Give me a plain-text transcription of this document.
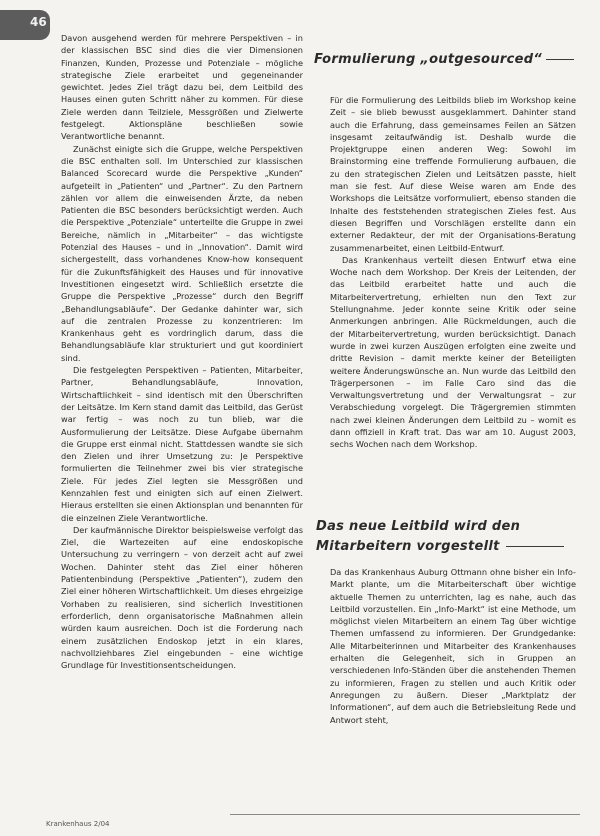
46

Davon ausgehend werden für mehrere Perspektiven – in der klassischen BSC sind dies die vier Dimensionen Finanzen, Kunden, Prozesse und Potenziale – mögliche strategische Ziele erarbeitet und gegeneinander gewichtet. Jedes Ziel trägt dazu bei, dem Leitbild des Hauses einen guten Schritt näher zu kommen. Für diese Ziele werden dann Teilziele, Messgrößen und Zielwerte festgelegt. Aktionspläne beschließen sowie Verantwortliche benannt.

Zunächst einigte sich die Gruppe, welche Perspektiven die BSC enthalten soll. Im Unterschied zur klassischen Balanced Scorecard wurde die Perspektive „Kunden“ aufgeteilt in „Patienten“ und „Partner“. Zu den Partnern zählen vor allem die einweisenden Ärzte, da neben Patienten die BSC besonders berücksichtigt werden. Auch die Perspektive „Potenziale“ unterteilte die Gruppe in zwei Bereiche, nämlich in „Mitarbeiter“ – das wichtigste Potenzial des Hauses – und in „Innovation“. Damit wird sichergestellt, dass vorhandenes Know-how konsequent für die Zukunftsfähigkeit des Hauses und für innovative Investitionen eingesetzt wird. Schließlich ersetzte die Gruppe die Perspektive „Prozesse“ durch den Begriff „Behandlungsabläufe“. Der Gedanke dahinter war, sich auf die zentralen Prozesse zu konzentrieren: Im Krankenhaus geht es vordringlich darum, dass die Behandlungsabläufe klar strukturiert und gut koordiniert sind.

Die festgelegten Perspektiven – Patienten, Mitarbeiter, Partner, Behandlungsabläufe, Innovation, Wirtschaftlichkeit – sind identisch mit den Überschriften der Leitsätze. Im Kern stand damit das Leitbild, das Gerüst war fertig – was noch zu tun blieb, war die Ausformulierung der Leitsätze. Diese Aufgabe übernahm die Gruppe erst einmal nicht. Stattdessen wandte sie sich den Zielen und ihrer Umsetzung zu: Je Perspektive formulierten die Teilnehmer zwei bis vier strategische Ziele. Für jedes Ziel legten sie Messgrößen und Kennzahlen fest und einigten sich auf einen Zielwert. Hieraus erstellten sie einen Aktionsplan und benannten für die einzelnen Ziele Verantwortliche.

Der kaufmännische Direktor beispielsweise verfolgt das Ziel, die Wartezeiten auf eine endoskopische Untersuchung zu verringern – von derzeit acht auf zwei Wochen. Dahinter steht das Ziel einer höheren Patientenbindung (Perspektive „Patienten“), zudem den Ziel einer höheren Wirtschaftlichkeit. Um dieses ehrgeizige Vorhaben zu realisieren, sind sicherlich Investitionen erforderlich, denn organisatorische Maßnahmen allein würden kaum ausreichen. Doch ist die Forderung nach einem zusätzlichen Endoskop jetzt in ein klares, nachvollziehbares Ziel eingebunden – eine wichtige Grundlage für Investitionsentscheidungen.

Formulierung „outgesourced“

Für die Formulierung des Leitbilds blieb im Workshop keine Zeit – sie blieb bewusst ausgeklammert. Dahinter stand auch die Erfahrung, dass gemeinsames Feilen an Sätzen insgesamt zeitaufwändig ist. Deshalb wurde die Projektgruppe einen anderen Weg: Sowohl im Brainstorming eine treffende Formulierung aufbauen, die zu den strategischen Zielen und Leitsätzen passte, hielt man sie fest. Auf diese Weise waren am Ende des Workshops die Leitsätze vorformuliert, ebenso standen die Inhalte des feststehenden strategischen Zieles fest. Aus diesen Begriffen und Vorschlägen erstellte dann ein externer Redakteur, der mit der Organisations-Beratung zusammenarbeitet, einen Leitbild-Entwurf.

Das Krankenhaus verteilt diesen Entwurf etwa eine Woche nach dem Workshop. Der Kreis der Leitenden, der das Leitbild erarbeitet hatte und auch die Mitarbeitervertretung, erhielten nun den Text zur Stellungnahme. Jeder konnte seine Kritik oder seine Anmerkungen anbringen. Alle Rückmeldungen, auch die der Mitarbeitervertretung, wurden berücksichtigt. Danach wurde in zwei kurzen Auszügen erfolgten eine zweite und dritte Revision – damit merkte keiner der Beteiligten weitere Änderungswünsche an. Nun wurde das Leitbild den Trägerpersonen – im Falle Caro sind das die Verwaltungsvertretung und der Verwaltungsrat – zur Verabschiedung vorgelegt. Die Trägergremien stimmten nach zwei kleinen Änderungen dem Leitbild zu – womit es dann offiziell in Kraft trat. Das war am 10. August 2003, sechs Wochen nach dem Workshop.

Das neue Leitbild wird den
Mitarbeitern vorgestellt

Da das Krankenhaus Auburg Ottmann ohne bisher ein Info-Markt plante, um die Mitarbeiterschaft über wichtige aktuelle Themen zu unterrichten, lag es nahe, auch das Leitbild vorzustellen. Ein „Info-Markt“ ist eine Methode, um möglichst vielen Mitarbeitern an einem Tag über wichtige Themen umfassend zu informieren. Der Grundgedanke: Alle Mitarbeiterinnen und Mitarbeiter des Krankenhauses erhalten die Gelegenheit, sich in Gruppen an verschiedenen Info-Ständen über die anstehenden Themen zu informieren, Fragen zu stellen und auch Kritik oder Anregungen zu äußern. Dieser „Marktplatz der Informationen“, auf dem auch die Betriebsleitung Rede und Antwort steht,

Krankenhaus 2/04
